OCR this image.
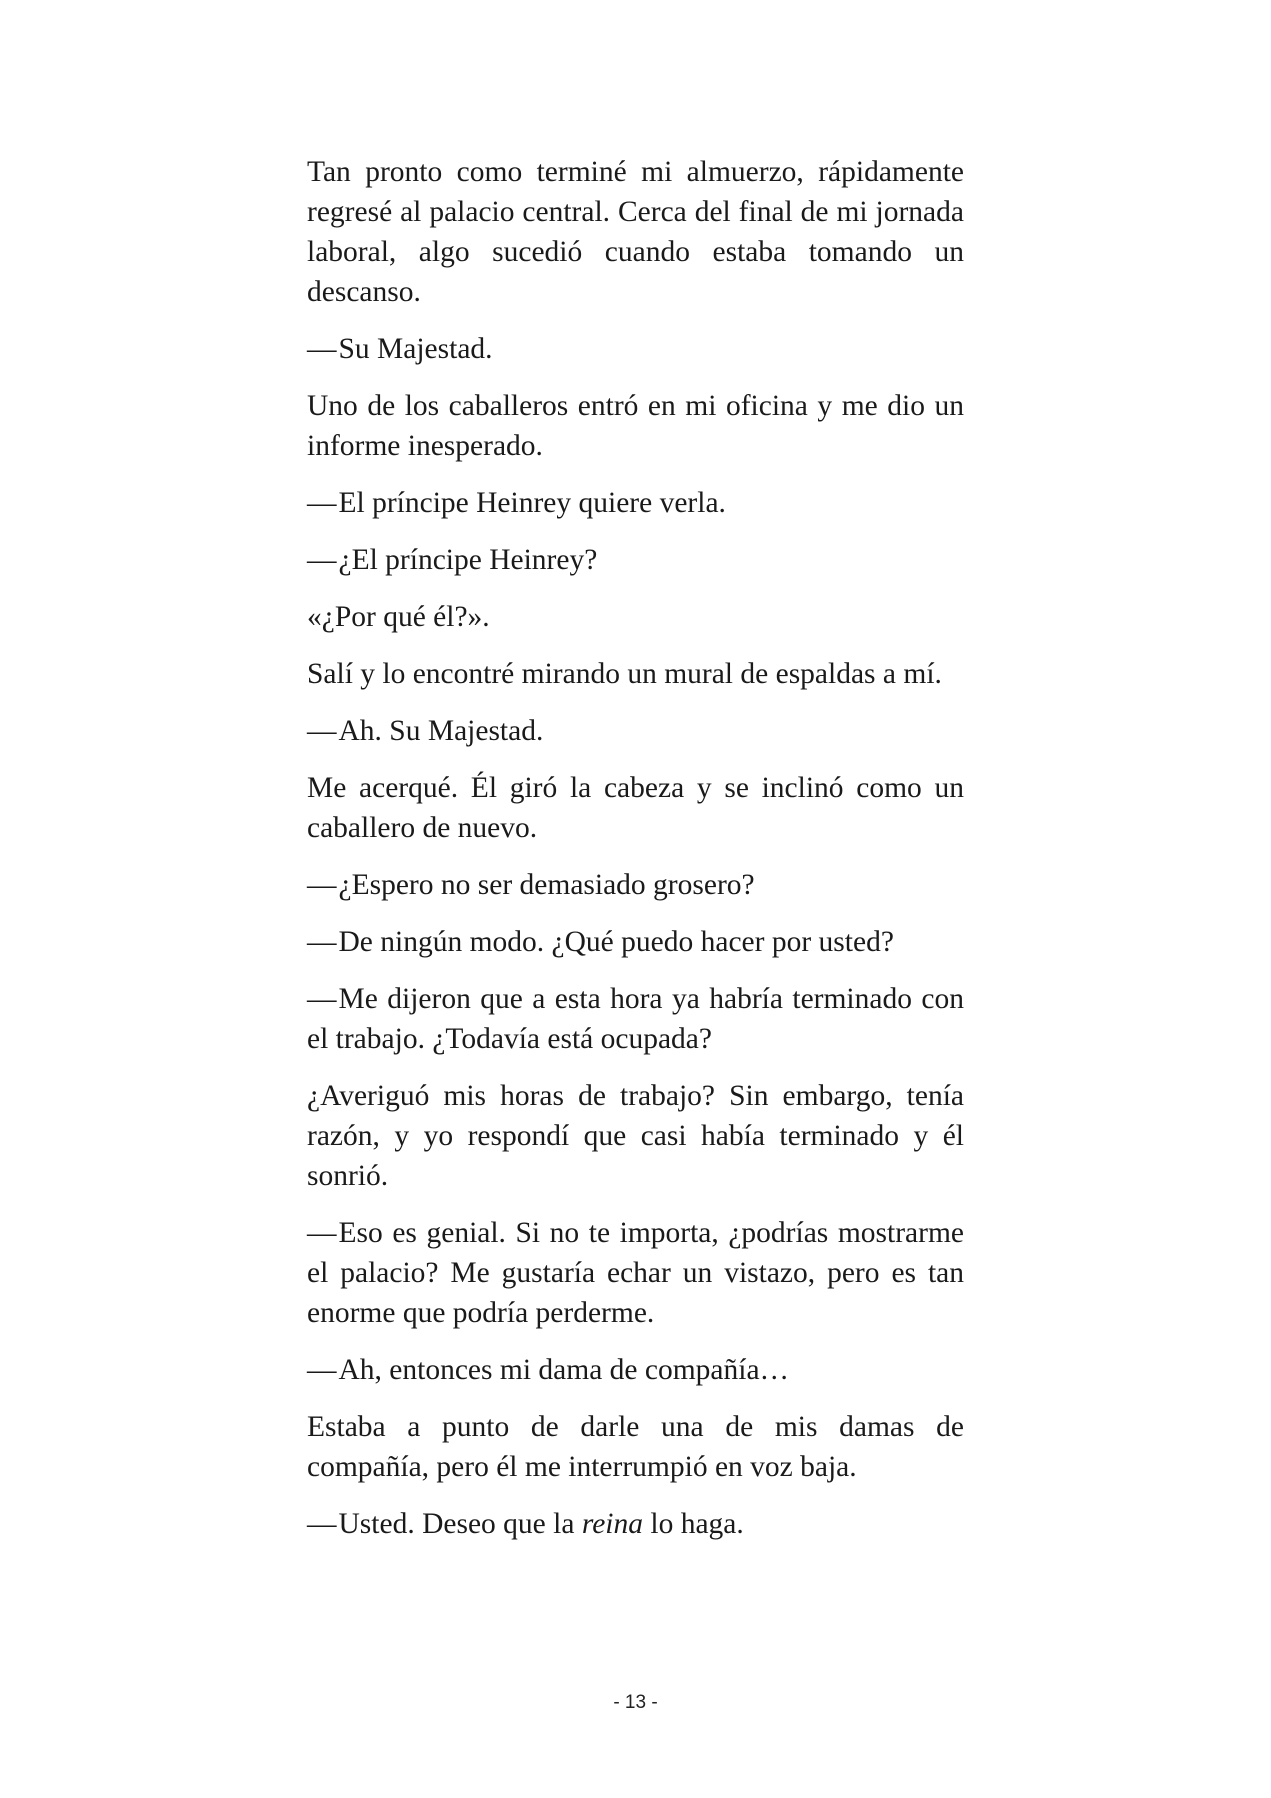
Tan pronto como terminé mi almuerzo, rápidamente regresé al palacio central. Cerca del final de mi jornada laboral, algo sucedió cuando estaba tomando un descanso.

—Su Majestad.

Uno de los caballeros entró en mi oficina y me dio un informe inesperado.

—El príncipe Heinrey quiere verla.

—¿El príncipe Heinrey?

«¿Por qué él?».

Salí y lo encontré mirando un mural de espaldas a mí.

—Ah. Su Majestad.

Me acerqué. Él giró la cabeza y se inclinó como un caballero de nuevo.

—¿Espero no ser demasiado grosero?

—De ningún modo. ¿Qué puedo hacer por usted?

—Me dijeron que a esta hora ya habría terminado con el trabajo. ¿Todavía está ocupada?

¿Averiguó mis horas de trabajo? Sin embargo, tenía razón, y yo respondí que casi había terminado y él sonrió.

—Eso es genial. Si no te importa, ¿podrías mostrarme el palacio? Me gustaría echar un vistazo, pero es tan enorme que podría perderme.

—Ah, entonces mi dama de compañía…

Estaba a punto de darle una de mis damas de compañía, pero él me interrumpió en voz baja.

—Usted. Deseo que la reina lo haga.

- 13 -
